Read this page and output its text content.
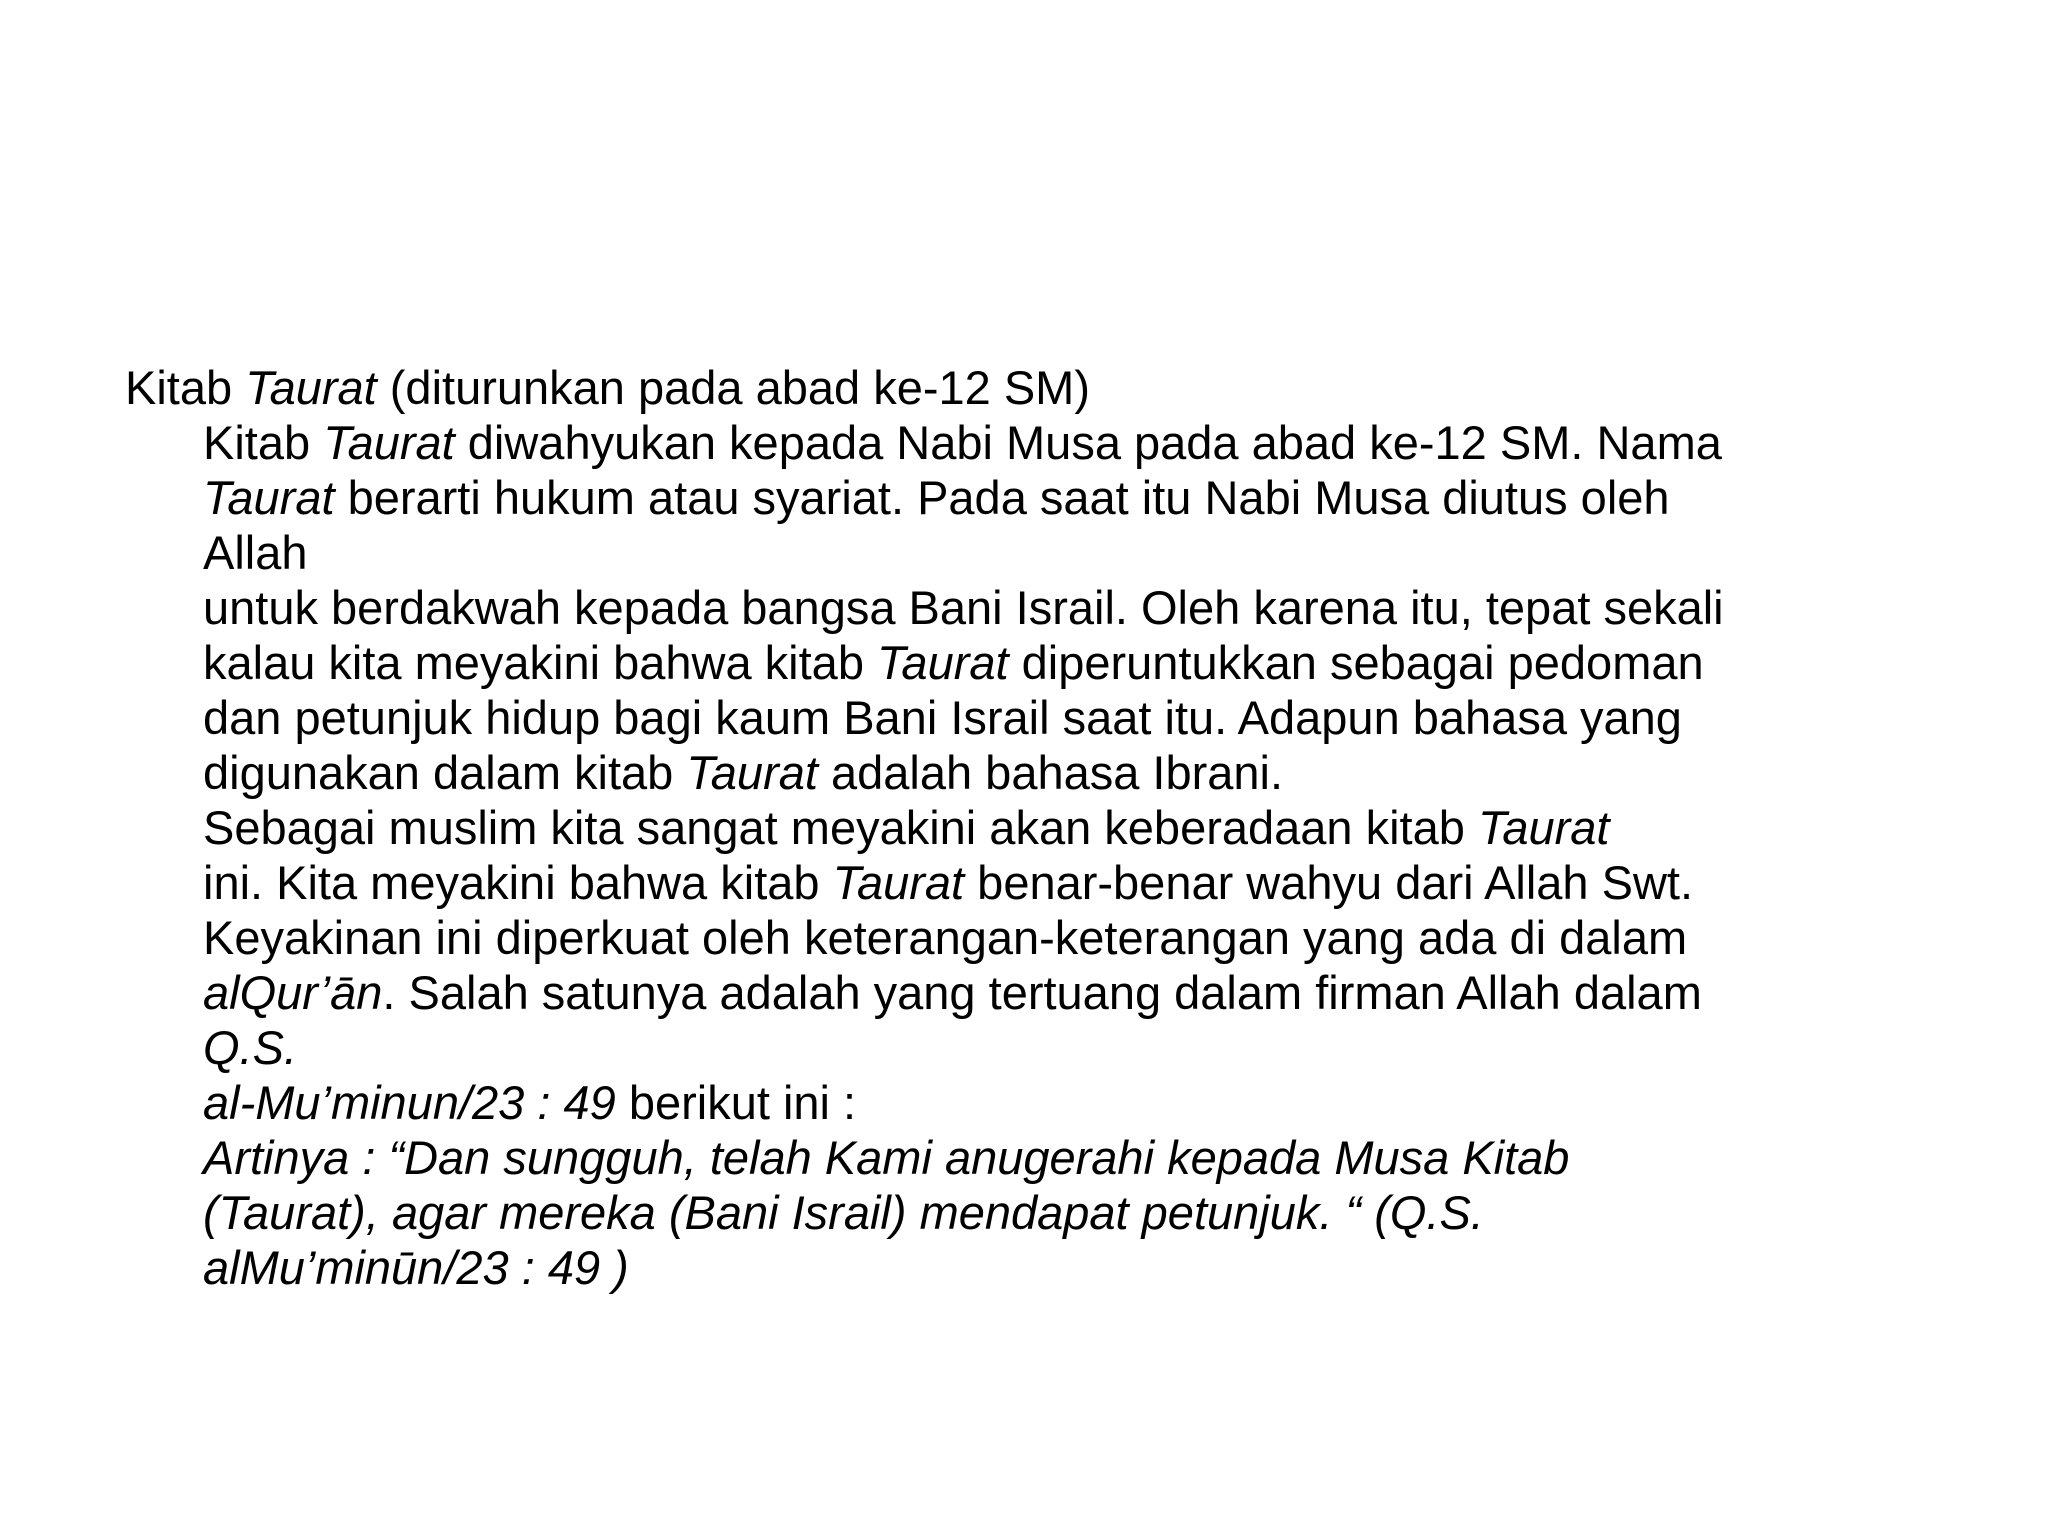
Kitab Taurat (diturunkan pada abad ke-12 SM)
Kitab Taurat diwahyukan kepada Nabi Musa pada abad ke-12 SM. Nama
Taurat berarti hukum atau syariat. Pada saat itu Nabi Musa diutus oleh
Allah
untuk berdakwah kepada bangsa Bani Israil. Oleh karena itu, tepat sekali
kalau kita meyakini bahwa kitab Taurat diperuntukkan sebagai pedoman
dan petunjuk hidup bagi kaum Bani Israil saat itu. Adapun bahasa yang
digunakan dalam kitab Taurat adalah bahasa Ibrani.
Sebagai muslim kita sangat meyakini akan keberadaan kitab Taurat
ini. Kita meyakini bahwa kitab Taurat benar-benar wahyu dari Allah Swt.
Keyakinan ini diperkuat oleh keterangan-keterangan yang ada di dalam
alQur’ān. Salah satunya adalah yang tertuang dalam firman Allah dalam
Q.S.
al-Mu’minun/23 : 49 berikut ini :
Artinya : “Dan sungguh, telah Kami anugerahi kepada Musa Kitab
(Taurat), agar mereka (Bani Israil) mendapat petunjuk. “ (Q.S.
alMu’minūn/23 : 49 )
